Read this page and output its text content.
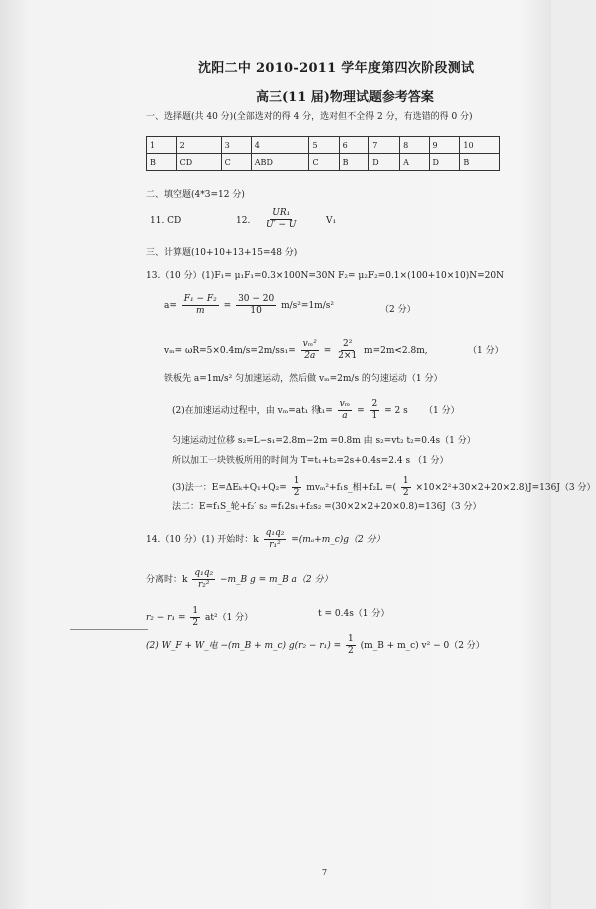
沈阳二中 2010-2011 学年度第四次阶段测试
高三(11 届)物理试题参考答案
一、选择题(共 40 分)(全部选对的得 4 分，选对但不全得 2 分，有选错的得 0 分)
1	2	3	4	5	6	7	8	9	10
B	CD	C	ABD	C	B	D	A	D	B
二、填空题(4*3=12 分)
11. CD	12. $\frac{\text{UR₁}}{U' - U}$	V₁
三、计算题(10+10+13+15=48 分)
13.（10 分）(1)F₁= μ₁F₁=0.3×100N=30N F₂= μ₂F₂=0.1×(100+10×10)N=20N
$a= \frac{\text{F₁ − F₂}}{m} = \frac{30 - 20}{10} m/s^2=1m/s^2$	（2 分）
vₘ= ωR=5×0.4m/s=2m/s $s_1= \frac{\text{vₘ²}}{2a} = \frac{\text{2²}}{2\times 1} m=2m<2.8m$,	（1 分）
铁板先 a=1m/s² 匀加速运动，然后做 vₘ=2m/s 的匀速运动（1 分）
(2)在加速运动过程中，由 vₘ=at₁ 得
$t_1= \frac{\text{vₘ}}{a} = \frac{2}{1} = 2$ s （1 分）
匀速运动过位移 s₂=L−s₁=2.8m−2m =0.8m 由 s₂=vt₂ t₂=0.4s（1 分）
所以加工一块铁板所用的时间为 T=t₁+t₂=2s+0.4s=2.4 s （1 分）
(3)法一：$E=\Delta E_k+Q_1+Q_2= \frac{1}{2}$ mvₘ²+f₁s_相+f₂L =( $\frac{1}{2} \times 10\times 2^2+30\times 2+20\times 2.8)J=136J(3$ 分）
法二：E=f₁S_轮+f₂′ s₂ =f₁2s₁+f₂s₂ =(30×2×2+20×0.8)=136J（3 分）
14.（10 分）(1) 开始时：k $\frac{\text{q₁q₂}}{\text{r₁²}}$ =(mₐ+m_c)g（2 分）
分离时：k $\frac{\text{q₁q₂}}{\text{r₂²}}$ −m_B g = m_B a（2 分）
$r_2 - r_1 = \frac{1}{2} at^2(1$ 分）	t = 0.4s（1 分）
(2) W_F + W_电 −(m_B + m_c) $g(r_2 - r_1) = \frac{1}{2}$ (m_B + m_c) v² − 0（2 分）
7
